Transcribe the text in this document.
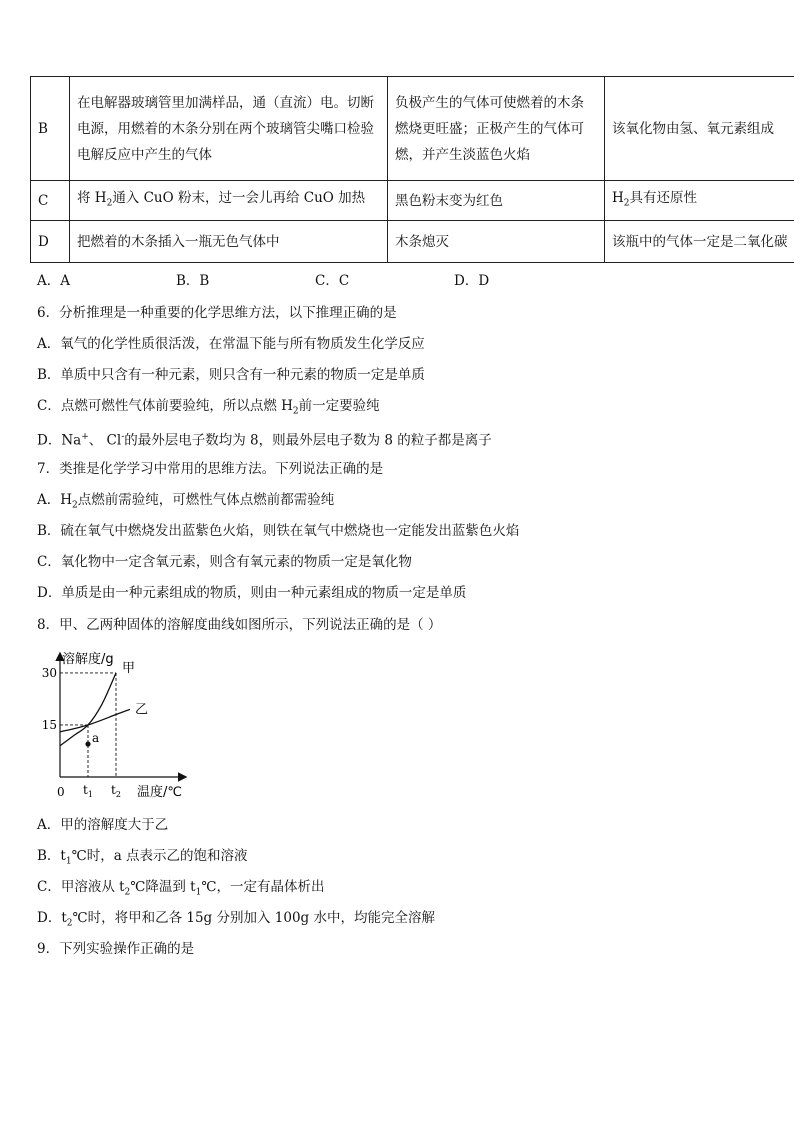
B	在电解器玻璃管里加满样品，通（直流）电。切断电源，用燃着的木条分别在两个玻璃管尖嘴口检验电解反应中产生的气体	负极产生的气体可使燃着的木条燃烧更旺盛；正极产生的气体可燃，并产生淡蓝色火焰	该氧化物由氢、氧元素组成
C	将 $H_2$通入 CuO 粉末，过一会儿再给 CuO 加热	黑色粉末变为红色	$H_2$具有还原性
D	把燃着的木条插入一瓶无色气体中	木条熄灭	该瓶中的气体一定是二氧化碳
A．A	B．B	C．C	D．D
6．分析推理是一种重要的化学思维方法，以下推理正确的是
A．氧气的化学性质很活泼，在常温下能与所有物质发生化学反应
B．单质中只含有一种元素，则只含有一种元素的物质一定是单质
C．点燃可燃性气体前要验纯，所以点燃 $H_2$前一定要验纯
D．Na+、 Cl-的最外层电子数均为 8，则最外层电子数为 8 的粒子都是离子
7．类推是化学学习中常用的思维方法。下列说法正确的是
A．$H_2$点燃前需验纯，可燃性气体点燃前都需验纯
B．硫在氧气中燃烧发出蓝紫色火焰，则铁在氧气中燃烧也一定能发出蓝紫色火焰
C．氧化物中一定含氧元素，则含有氧元素的物质一定是氧化物
D．单质是由一种元素组成的物质，则由一种元素组成的物质一定是单质
8．甲、乙两种固体的溶解度曲线如图所示，下列说法正确的是（ ）
a
甲
乙
溶解度/g
温度/℃
0
15
30
$t_1$ $t_2$
A．甲的溶解度大于乙
B．$t_1℃$时，a 点表示乙的饱和溶液
C．甲溶液从 $t_2℃$降温到 $t_1℃$，一定有晶体析出
D．$t_2℃$时，将甲和乙各 15g 分别加入 100g 水中，均能完全溶解
9．下列实验操作正确的是
